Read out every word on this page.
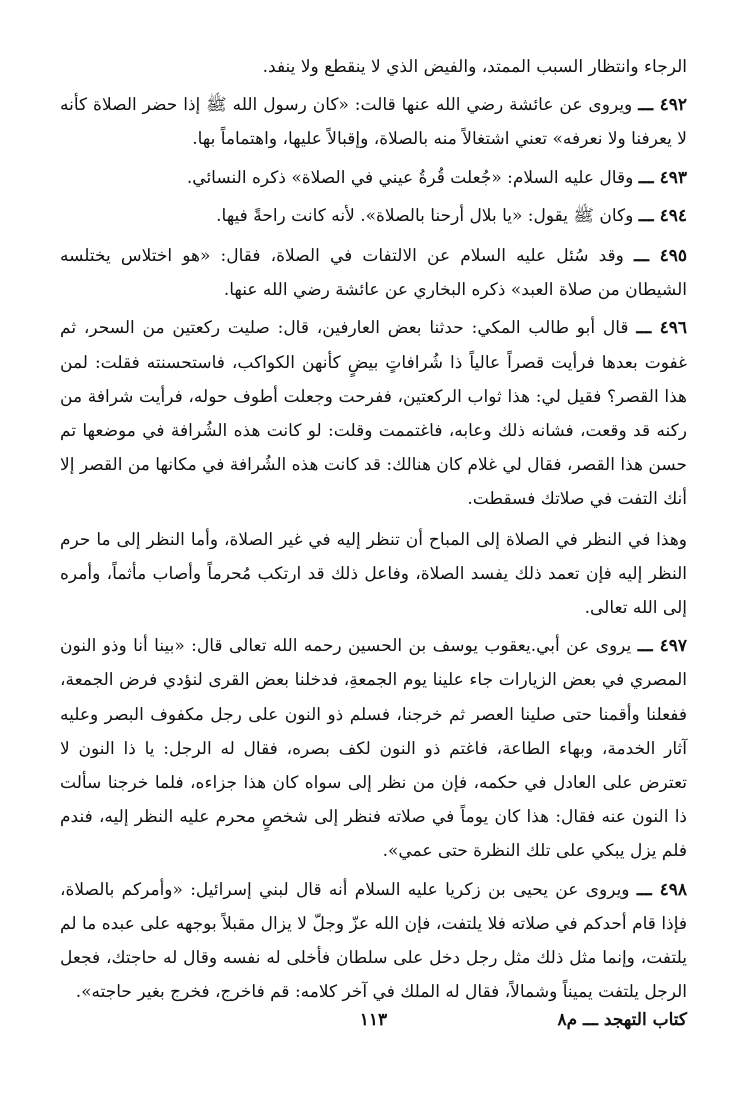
الرجاء وانتظار السبب الممتد، والفيض الذي لا ينقطع ولا ينفد.

٤٩٢ ـــ ويروى عن عائشة رضي الله عنها قالت: «كان رسول الله ﷺ إذا حضر الصلاة كأنه لا يعرفنا ولا نعرفه» تعني اشتغالاً منه بالصلاة، وإقبالاً عليها، واهتماماً بها.

٤٩٣ ـــ وقال عليه السلام: «جُعلت قُرةُ عيني في الصلاة» ذكره النسائي.

٤٩٤ ـــ وكان ﷺ يقول: «يا بلال أرحنا بالصلاة». لأنه كانت راحةً فيها.

٤٩٥ ـــ وقد سُئل عليه السلام عن الالتفات في الصلاة، فقال: «هو اختلاس يختلسه الشيطان من صلاة العبد» ذكره البخاري عن عائشة رضي الله عنها.

٤٩٦ ـــ قال أبو طالب المكي: حدثنا بعض العارفين، قال: صليت ركعتين من السحر، ثم غفوت بعدها فرأيت قصراً عالياً ذا شُرافاتٍ بيضٍ كأنهن الكواكب، فاستحسنته فقلت: لمن هذا القصر؟ فقيل لي: هذا ثواب الركعتين، ففرحت وجعلت أطوف حوله، فرأيت شرافة من ركنه قد وقعت، فشانه ذلك وعابه، فاغتممت وقلت: لو كانت هذه الشُرافة في موضعها تم حسن هذا القصر، فقال لي غلام كان هنالك: قد كانت هذه الشُرافة في مكانها من القصر إلا أنك التفت في صلاتك فسقطت.

وهذا في النظر في الصلاة إلى المباح أن تنظر إليه في غير الصلاة، وأما النظر إلى ما حرم النظر إليه فإن تعمد ذلك يفسد الصلاة، وفاعل ذلك قد ارتكب مُحرماً وأصاب مأثماً، وأمره إلى الله تعالى.

٤٩٧ ـــ يروى عن أبي.يعقوب يوسف بن الحسين رحمه الله تعالى قال: «بينا أنا وذو النون المصري في بعض الزيارات جاء علينا يوم الجمعةِ، فدخلنا بعض القرى لنؤدي فرض الجمعة، ففعلنا وأقمنا حتى صلينا العصر ثم خرجنا، فسلم ذو النون على رجل مكفوف البصر وعليه آثار الخدمة، وبهاء الطاعة، فاغتم ذو النون لكف بصره، فقال له الرجل: يا ذا النون لا تعترض على العادل في حكمه، فإن من نظر إلى سواه كان هذا جزاءه، فلما خرجنا سألت ذا النون عنه فقال: هذا كان يوماً في صلاته فنظر إلى شخصٍ محرم عليه النظر إليه، فندم فلم يزل يبكي على تلك النظرة حتى عمي».

٤٩٨ ـــ ويروى عن يحيى بن زكريا عليه السلام أنه قال لبني إسرائيل: «وأمركم بالصلاة، فإذا قام أحدكم في صلاته فلا يلتفت، فإن الله عزّ وجلّ لا يزال مقبلاً بوجهه على عبده ما لم يلتفت، وإنما مثل ذلك مثل رجل دخل على سلطان فأخلى له نفسه وقال له حاجتك، فجعل الرجل يلتفت يميناً وشمالاً، فقال له الملك في آخر كلامه: قم فاخرج، فخرج بغير حاجته».

كتاب التهجد ـــ م٨
١١٣
